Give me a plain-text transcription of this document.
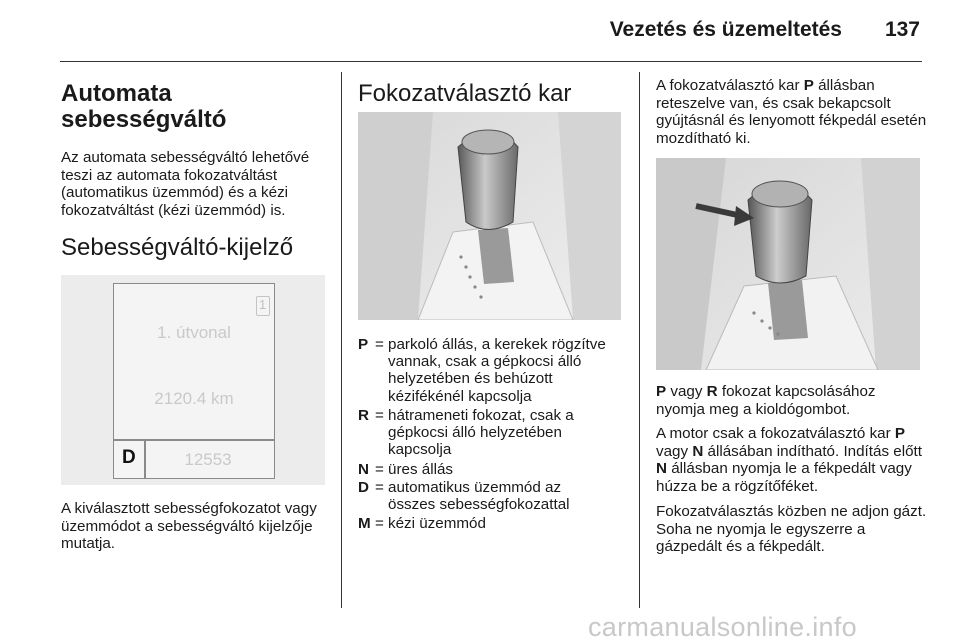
Vezetés és üzemeltetés 137

Automata

sebességváltó

Az automata sebességváltó lehetővé teszi az automata fokozatváltást (automatikus üzemmód) és a kézi fokozatváltást (kézi üzemmód) is.

Sebességváltó-kijelző

1
1. útvonal
2120.4 km
D	12553

A kiválasztott sebességfokozatot vagy üzemmódot a sebességváltó kijelzője mutatja.

Fokozatválasztó kar

P = parkoló állás, a kerekek rögzítve
vannak, csak a gépkocsi álló
helyzetében és behúzott
kézifékénél kapcsolja
R = hátrameneti fokozat, csak a
gépkocsi álló helyzetében
kapcsolja
N = üres állás
D = automatikus üzemmód az
összes sebességfokozattal
M = kézi üzemmód

A fokozatválasztó kar P állásban reteszelve van, és csak bekapcsolt gyújtásnál és lenyomott fékpedál esetén mozdítható ki.

P vagy R fokozat kapcsolásához nyomja meg a kioldógombot.

A motor csak a fokozatválasztó kar P vagy N állásában indítható. Indítás előtt N állásban nyomja le a fékpedált vagy húzza be a rögzítőféket.

Fokozatválasztás közben ne adjon gázt. Soha ne nyomja le egyszerre a gázpedált és a fékpedált.

carmanualsonline.info
